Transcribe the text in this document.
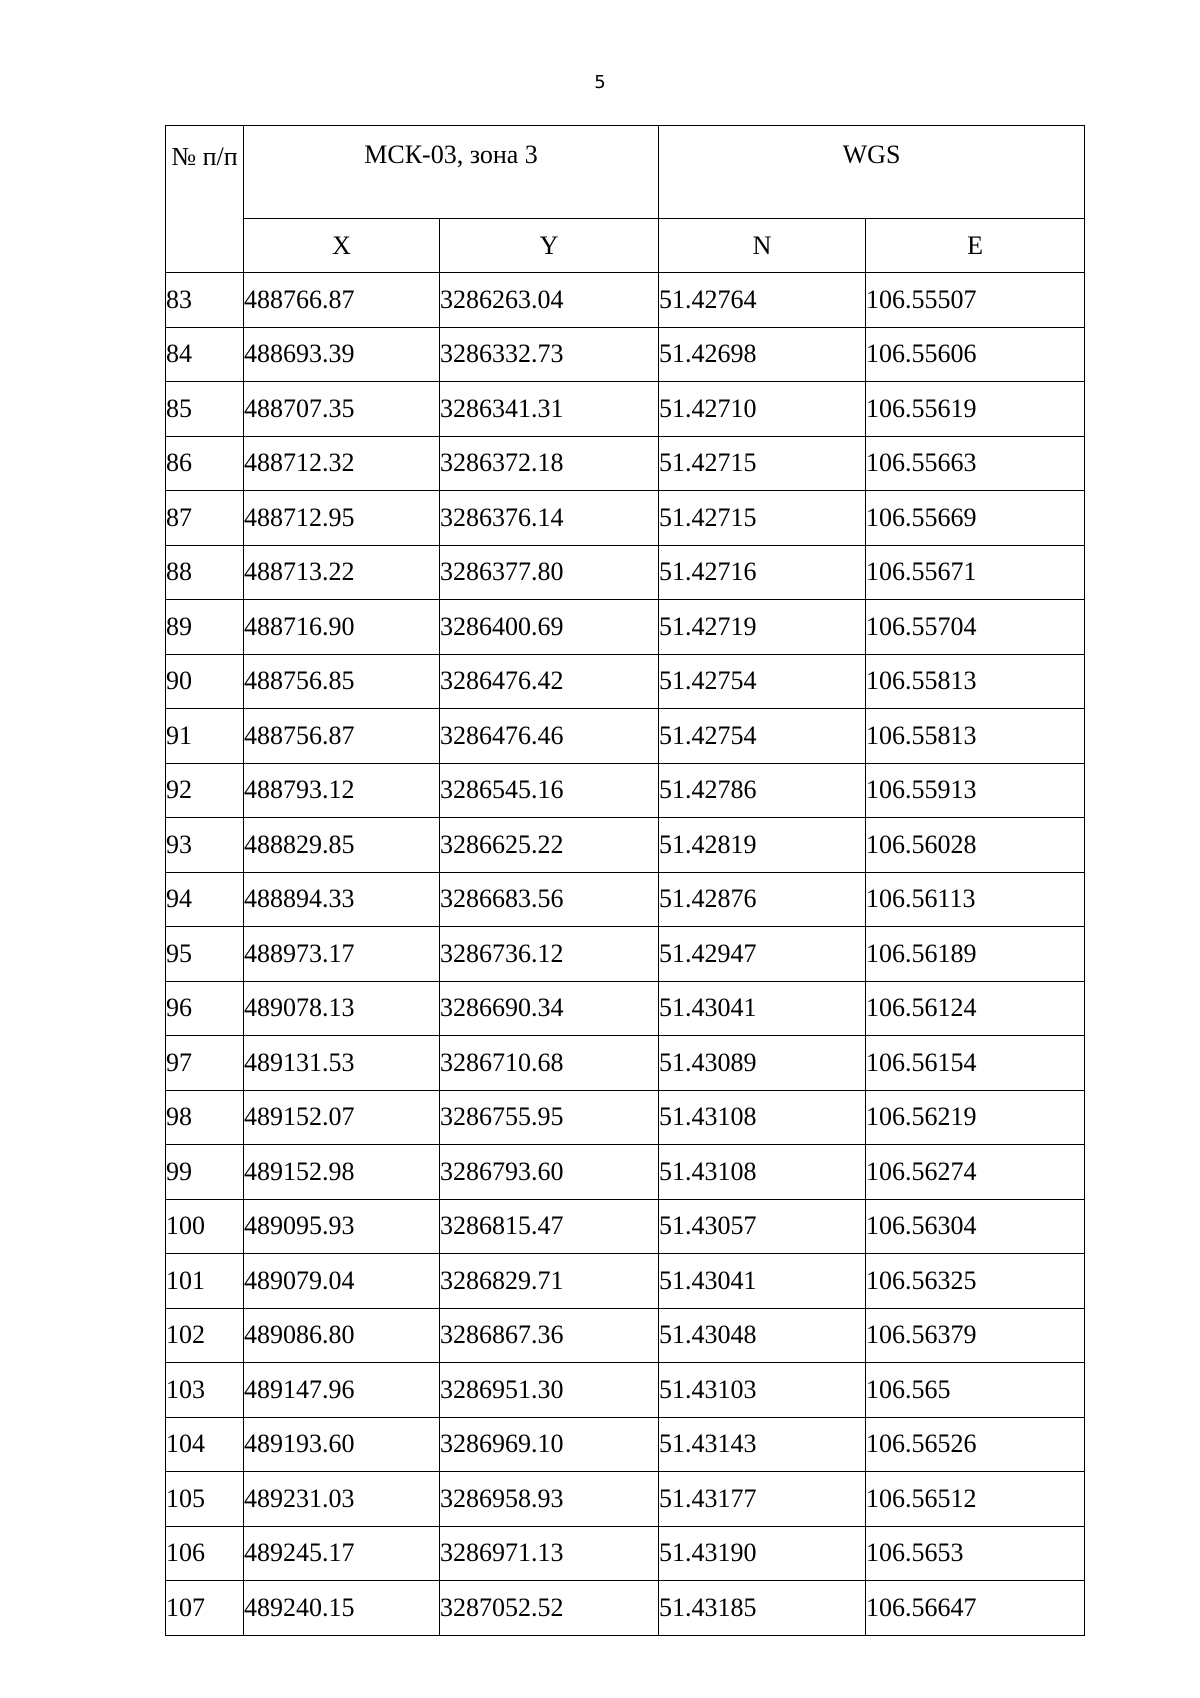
5
№ п/п	МСК-03, зона 3		WGS	
	X	Y	N	E
83	488766.87	3286263.04	51.42764	106.55507
84	488693.39	3286332.73	51.42698	106.55606
85	488707.35	3286341.31	51.42710	106.55619
86	488712.32	3286372.18	51.42715	106.55663
87	488712.95	3286376.14	51.42715	106.55669
88	488713.22	3286377.80	51.42716	106.55671
89	488716.90	3286400.69	51.42719	106.55704
90	488756.85	3286476.42	51.42754	106.55813
91	488756.87	3286476.46	51.42754	106.55813
92	488793.12	3286545.16	51.42786	106.55913
93	488829.85	3286625.22	51.42819	106.56028
94	488894.33	3286683.56	51.42876	106.56113
95	488973.17	3286736.12	51.42947	106.56189
96	489078.13	3286690.34	51.43041	106.56124
97	489131.53	3286710.68	51.43089	106.56154
98	489152.07	3286755.95	51.43108	106.56219
99	489152.98	3286793.60	51.43108	106.56274
100	489095.93	3286815.47	51.43057	106.56304
101	489079.04	3286829.71	51.43041	106.56325
102	489086.80	3286867.36	51.43048	106.56379
103	489147.96	3286951.30	51.43103	106.565
104	489193.60	3286969.10	51.43143	106.56526
105	489231.03	3286958.93	51.43177	106.56512
106	489245.17	3286971.13	51.43190	106.5653
107	489240.15	3287052.52	51.43185	106.56647
